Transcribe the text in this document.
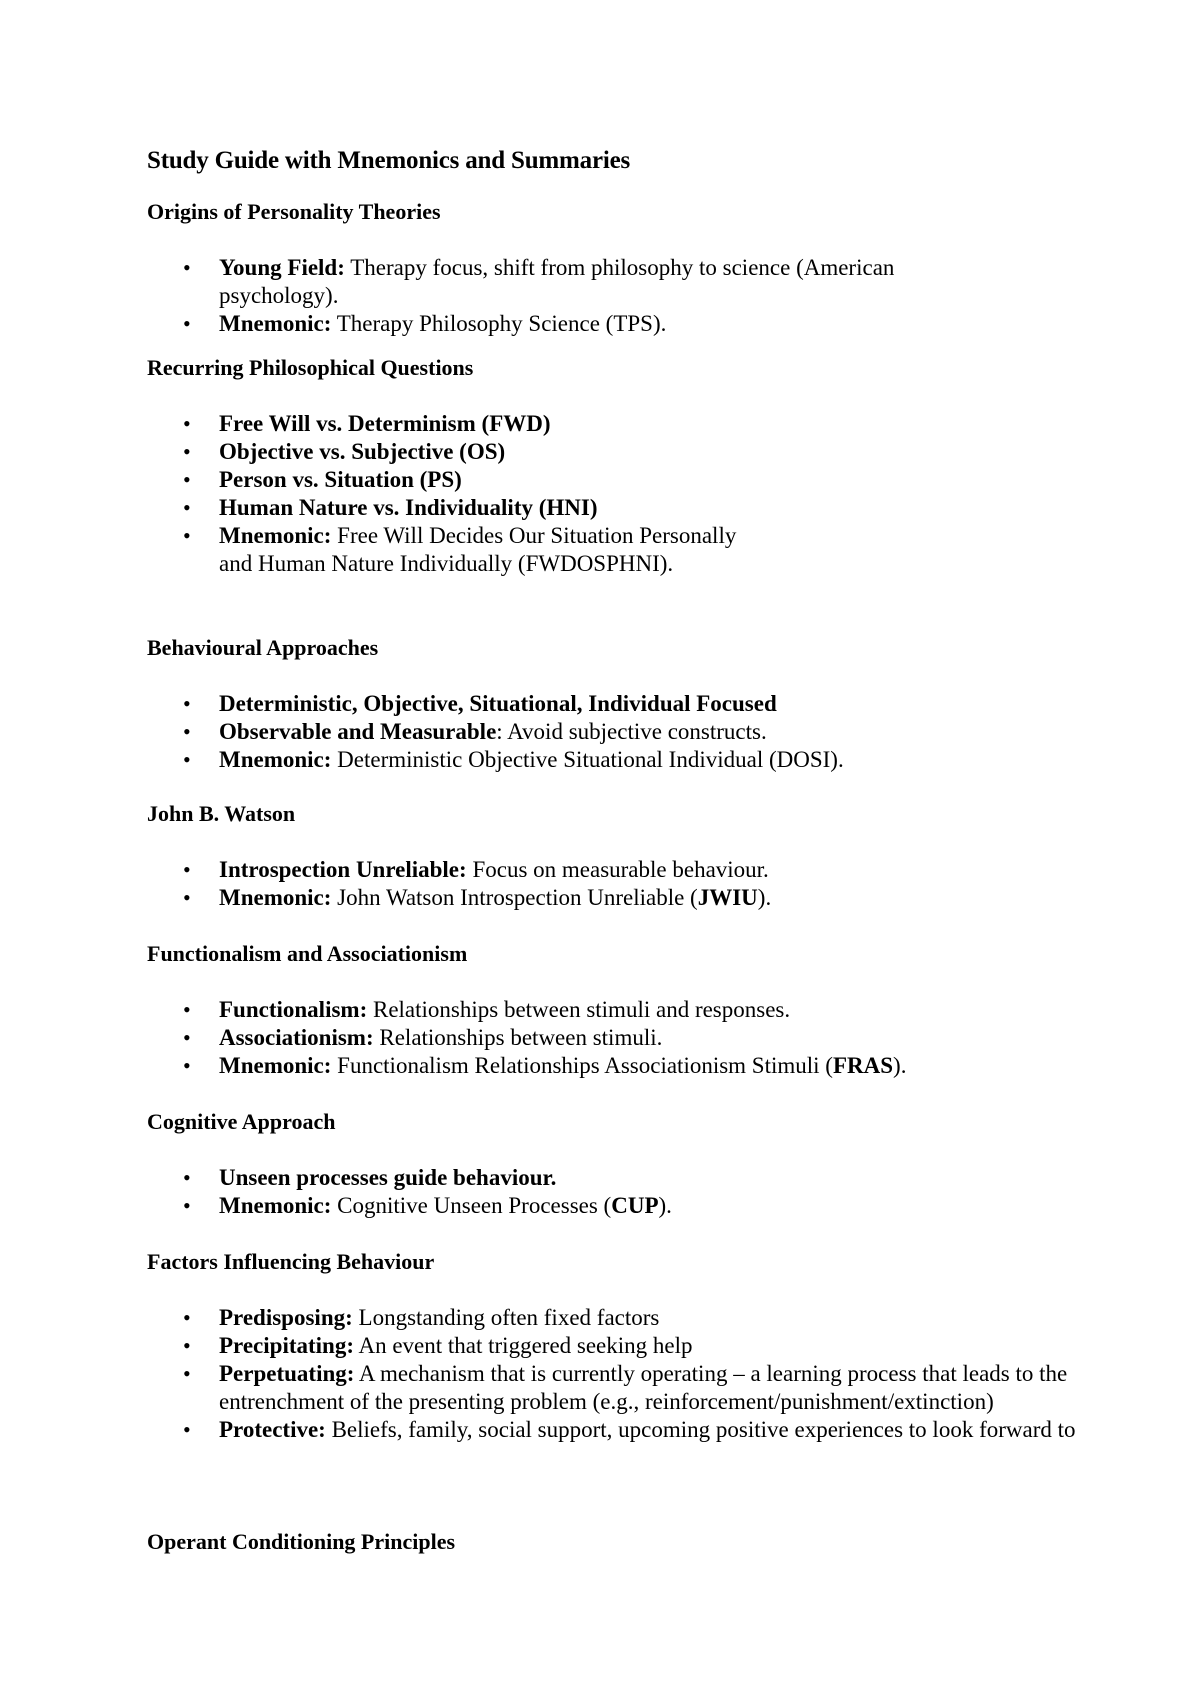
Study Guide with Mnemonics and Summaries

Origins of Personality Theories

• Young Field: Therapy focus, shift from philosophy to science (American psychology).
• Mnemonic: Therapy Philosophy Science (TPS).

Recurring Philosophical Questions

• Free Will vs. Determinism (FWD)
• Objective vs. Subjective (OS)
• Person vs. Situation (PS)
• Human Nature vs. Individuality (HNI)
• Mnemonic: Free Will Decides Our Situation Personally
and Human Nature Individually (FWDOSPHNI).

Behavioural Approaches

• Deterministic, Objective, Situational, Individual Focused
• Observable and Measurable: Avoid subjective constructs.
• Mnemonic: Deterministic Objective Situational Individual (DOSI).

John B. Watson

• Introspection Unreliable: Focus on measurable behaviour.
• Mnemonic: John Watson Introspection Unreliable (JWIU).

Functionalism and Associationism

• Functionalism: Relationships between stimuli and responses.
• Associationism: Relationships between stimuli.
• Mnemonic: Functionalism Relationships Associationism Stimuli (FRAS).

Cognitive Approach

• Unseen processes guide behaviour.
• Mnemonic: Cognitive Unseen Processes (CUP).

Factors Influencing Behaviour

• Predisposing: Longstanding often fixed factors
• Precipitating: An event that triggered seeking help
• Perpetuating: A mechanism that is currently operating – a learning process that leads to the entrenchment of the presenting problem (e.g., reinforcement/punishment/extinction)
• Protective: Beliefs, family, social support, upcoming positive experiences to look forward to

Operant Conditioning Principles
